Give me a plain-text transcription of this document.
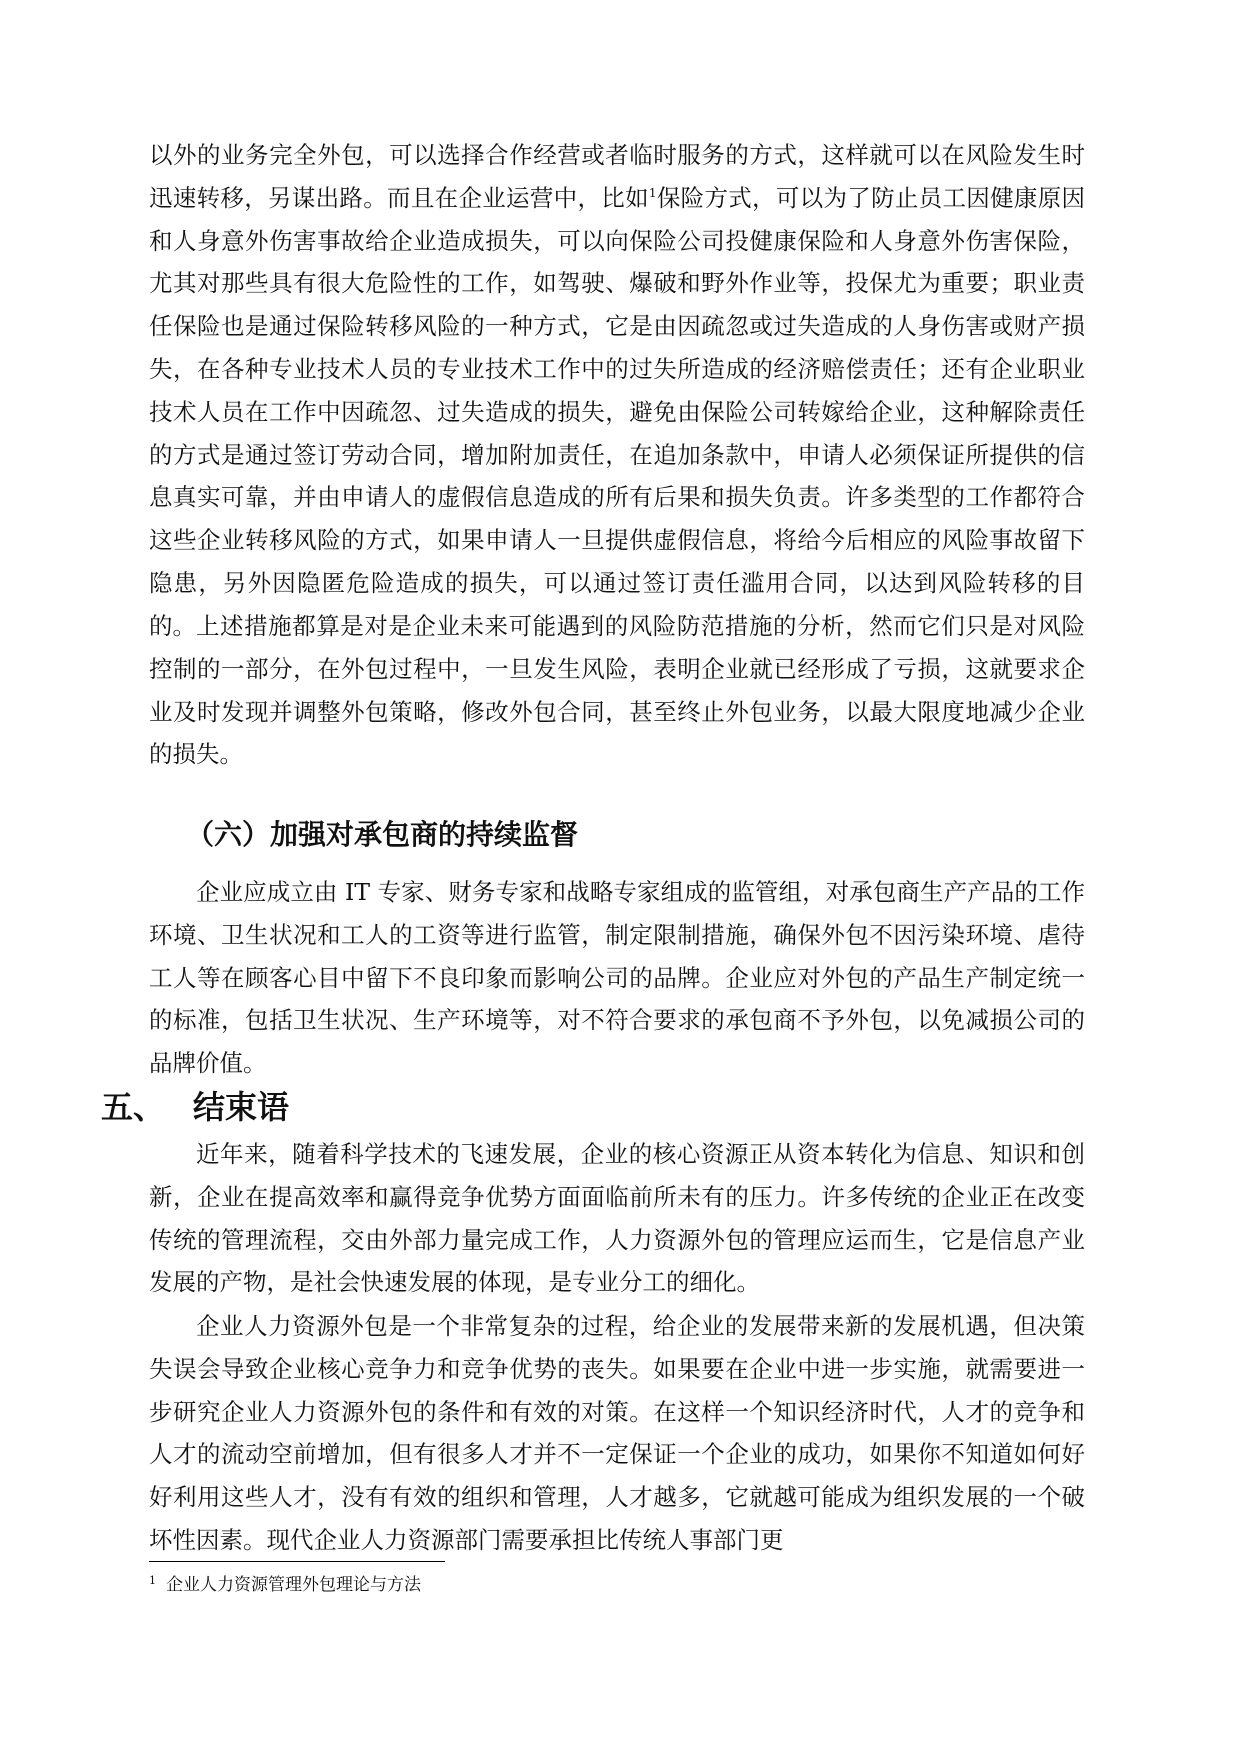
以外的业务完全外包，可以选择合作经营或者临时服务的方式，这样就可以在风险发生时迅速转移，另谋出路。而且在企业运营中，比如$^1$保险方式，可以为了防止员工因健康原因和人身意外伤害事故给企业造成损失，可以向保险公司投健康保险和人身意外伤害保险，尤其对那些具有很大危险性的工作，如驾驶、爆破和野外作业等，投保尤为重要；职业责任保险也是通过保险转移风险的一种方式，它是由因疏忽或过失造成的人身伤害或财产损失，在各种专业技术人员的专业技术工作中的过失所造成的经济赔偿责任；还有企业职业技术人员在工作中因疏忽、过失造成的损失，避免由保险公司转嫁给企业，这种解除责任的方式是通过签订劳动合同，增加附加责任，在追加条款中，申请人必须保证所提供的信息真实可靠，并由申请人的虚假信息造成的所有后果和损失负责。许多类型的工作都符合这些企业转移风险的方式，如果申请人一旦提供虚假信息，将给今后相应的风险事故留下隐患，另外因隐匿危险造成的损失，可以通过签订责任滥用合同，以达到风险转移的目的。 上述措施都算是对是企业未来可能遇到的风险防范措施的分析，然而它们只是对风险控制的一部分，在外包过程中，一旦发生风险，表明企业就已经形成了亏损，这就要求企业及时发现并调整外包策略，修改外包合同，甚至终止外包业务，以最大限度地减少企业的损失。

（六）加强对承包商的持续监督

企业应成立由 IT 专家、财务专家和战略专家组成的监管组，对承包商生产产品的工作环境、卫生状况和工人的工资等进行监管，制定限制措施，确保外包不因污染环境、虐待工人等在顾客心目中留下不良印象而影响公司的品牌。企业应对外包的产品生产制定统一的标准，包括卫生状况、生产环境等，对不符合要求的承包商不予外包，以免减损公司的品牌价值。

五、 结束语

近年来，随着科学技术的飞速发展，企业的核心资源正从资本转化为信息、知识和创新，企业在提高效率和赢得竞争优势方面面临前所未有的压力。许多传统的企业正在改变传统的管理流程，交由外部力量完成工作，人力资源外包的管理应运而生，它是信息产业发展的产物，是社会快速发展的体现，是专业分工的细化。

企业人力资源外包是一个非常复杂的过程，给企业的发展带来新的发展机遇，但决策失误会导致企业核心竞争力和竞争优势的丧失。如果要在企业中进一步实施，就需要进一步研究企业人力资源外包的条件和有效的对策。在这样一个知识经济时代，人才的竞争和人才的流动空前增加，但有很多人才并不一定保证一个企业的成功，如果你不知道如何好好利用这些人才，没有有效的组织和管理，人才越多，它就越可能成为组织发展的一个破坏性因素。现代企业人力资源部门需要承担比传统人事部门更

$^1$ 企业人力资源管理外包理论与方法
